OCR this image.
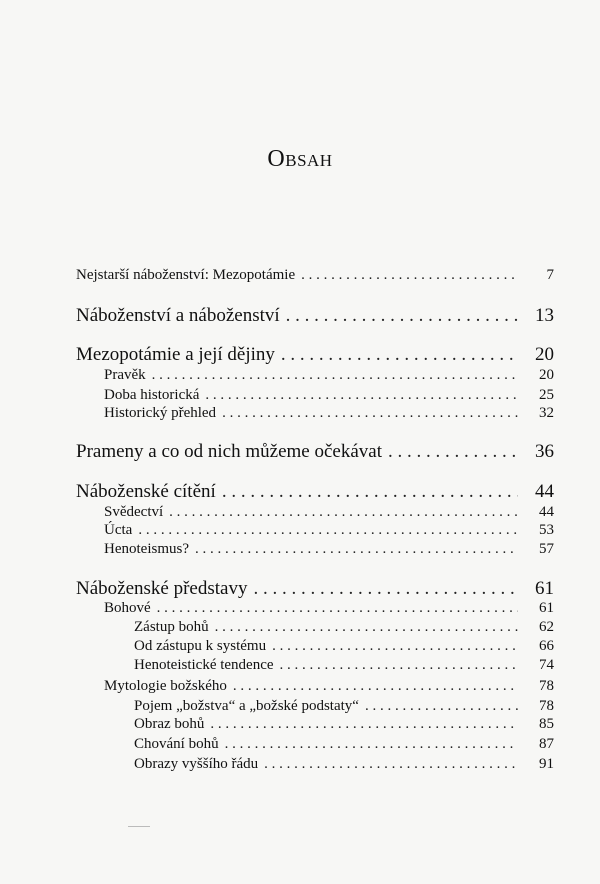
Obsah
Nejstarší náboženství: Mezopotámie . . .	7
Náboženství a náboženství . . .	13
Mezopotámie a její dějiny . . .	20
Pravěk . . .	20
Doba historická . . .	25
Historický přehled . . .	32
Prameny a co od nich můžeme očekávat . . .	36
Náboženské cítění . . .	44
Svědectví . . .	44
Úcta . . .	53
Henoteismus? . . .	57
Náboženské představy . . .	61
Bohové . . .	61
Zástup bohů . . .	62
Od zástupu k systému . . .	66
Henoteistické tendence . . .	74
Mytologie božského . . .	78
Pojem „božstva“ a „božské podstaty“ . . .	78
Obraz bohů . . .	85
Chování bohů . . .	87
Obrazy vyššího řádu . . .	91
